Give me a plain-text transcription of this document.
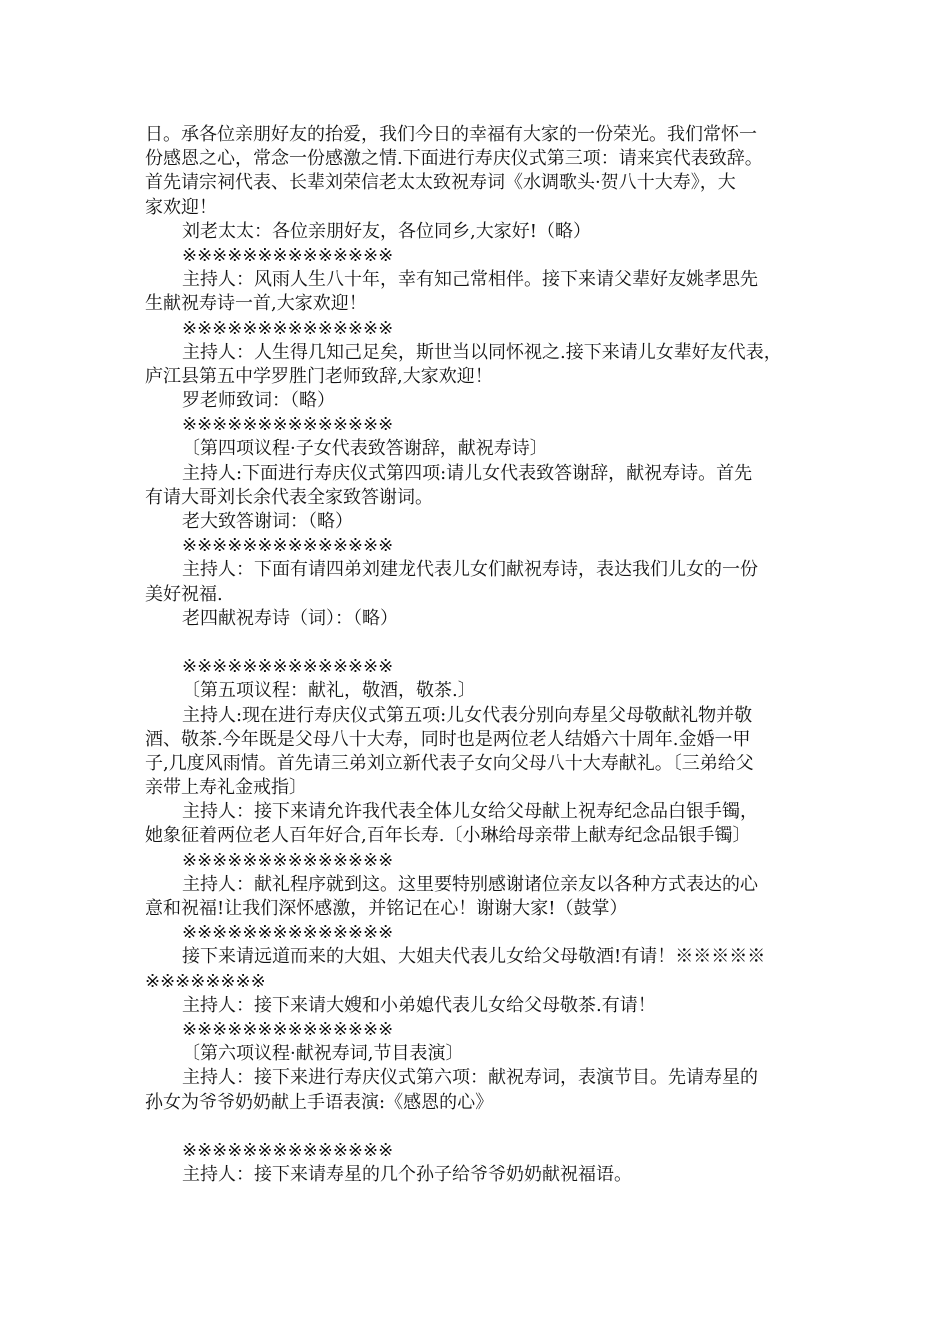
日。承各位亲朋好友的抬爱，我们今日的幸福有大家的一份荣光。我们常怀一
份感恩之心，常念一份感激之情.下面进行寿庆仪式第三项：请来宾代表致辞。
首先请宗祠代表、长辈刘荣信老太太致祝寿词《水调歌头·贺八十大寿》，大
家欢迎！
刘老太太：各位亲朋好友，各位同乡,大家好!（略）
※※※※※※※※※※※※※※
主持人：风雨人生八十年，幸有知己常相伴。接下来请父辈好友姚孝思先
生献祝寿诗一首,大家欢迎！
※※※※※※※※※※※※※※
主持人：人生得几知己足矣，斯世当以同怀视之.接下来请儿女辈好友代表，
庐江县第五中学罗胜门老师致辞,大家欢迎！
罗老师致词：（略）
※※※※※※※※※※※※※※
〔第四项议程·子女代表致答谢辞，献祝寿诗〕
主持人:下面进行寿庆仪式第四项:请儿女代表致答谢辞，献祝寿诗。首先
有请大哥刘长余代表全家致答谢词。
老大致答谢词：（略）
※※※※※※※※※※※※※※
主持人：下面有请四弟刘建龙代表儿女们献祝寿诗，表达我们儿女的一份
美好祝福.
老四献祝寿诗（词）：（略）
※※※※※※※※※※※※※※
〔第五项议程：献礼，敬酒，敬茶.〕
主持人:现在进行寿庆仪式第五项:儿女代表分别向寿星父母敬献礼物并敬
酒、敬茶.今年既是父母八十大寿，同时也是两位老人结婚六十周年.金婚一甲
子,几度风雨情。首先请三弟刘立新代表子女向父母八十大寿献礼。〔三弟给父
亲带上寿礼金戒指〕
主持人：接下来请允许我代表全体儿女给父母献上祝寿纪念品白银手镯，
她象征着两位老人百年好合,百年长寿.〔小琳给母亲带上献寿纪念品银手镯〕
※※※※※※※※※※※※※※
主持人：献礼程序就到这。这里要特别感谢诸位亲友以各种方式表达的心
意和祝福!让我们深怀感激，并铭记在心！谢谢大家!（鼓掌）
※※※※※※※※※※※※※※
接下来请远道而来的大姐、大姐夫代表儿女给父母敬酒!有请！※※※※※
※※※※※※※※
主持人：接下来请大嫂和小弟媳代表儿女给父母敬茶.有请！
※※※※※※※※※※※※※※
〔第六项议程·献祝寿词,节目表演〕
主持人：接下来进行寿庆仪式第六项：献祝寿词，表演节目。先请寿星的
孙女为爷爷奶奶献上手语表演:《感恩的心》
※※※※※※※※※※※※※※
主持人：接下来请寿星的几个孙子给爷爷奶奶献祝福语。
